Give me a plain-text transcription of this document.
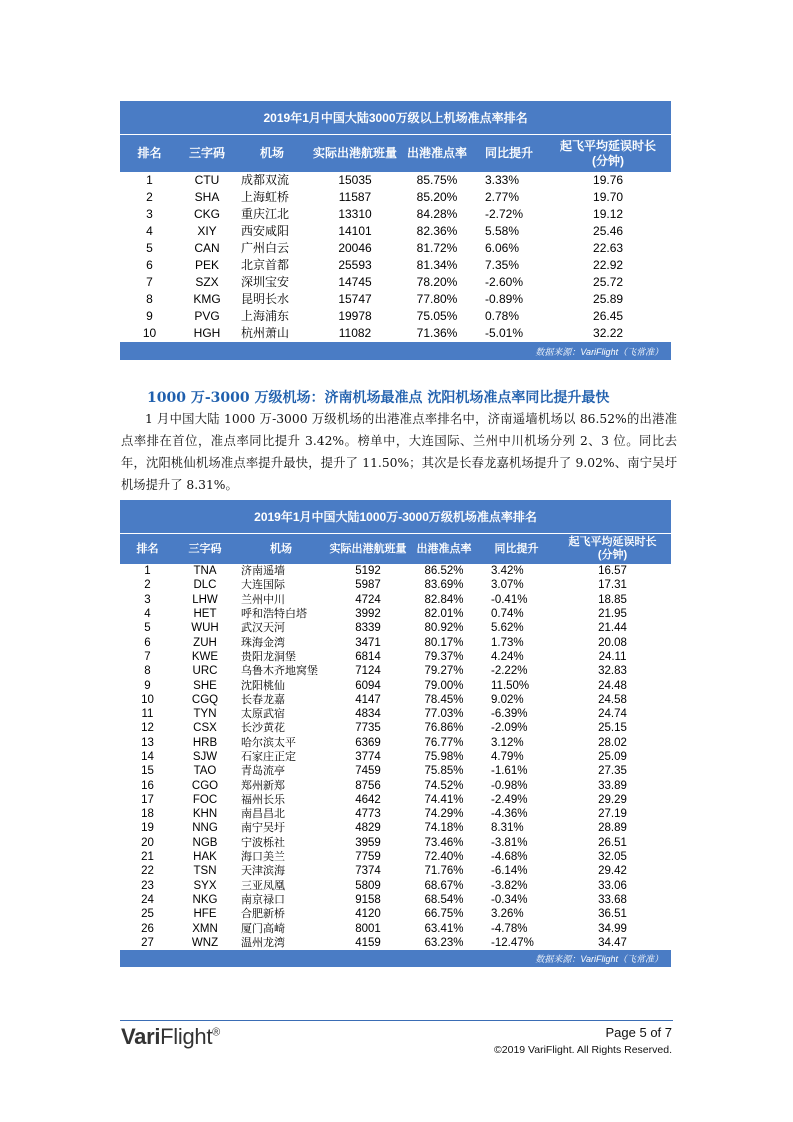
2019年1月中国大陆3000万级以上机场准点率排名						
排名	三字码	机场	实际出港航班量	出港准点率	同比提升	起飞平均延误时长
(分钟)
1	CTU	成都双流	15035	85.75%	3.33%	19.76
2	SHA	上海虹桥	11587	85.20%	2.77%	19.70
3	CKG	重庆江北	13310	84.28%	-2.72%	19.12
4	XIY	西安咸阳	14101	82.36%	5.58%	25.46
5	CAN	广州白云	20046	81.72%	6.06%	22.63
6	PEK	北京首都	25593	81.34%	7.35%	22.92
7	SZX	深圳宝安	14745	78.20%	-2.60%	25.72
8	KMG	昆明长水	15747	77.80%	-0.89%	25.89
9	PVG	上海浦东	19978	75.05%	0.78%	26.45
10	HGH	杭州萧山	11082	71.36%	-5.01%	32.22
数据来源：VariFlight（飞常准）						
1000 万-3000 万级机场：济南机场最准点 沈阳机场准点率同比提升最快
1 月中国大陆 1000 万-3000 万级机场的出港准点率排名中，济南遥墙机场以 86.52%的出港准点率排在首位，准点率同比提升 3.42%。榜单中，大连国际、兰州中川机场分列 2、3 位。同比去年，沈阳桃仙机场准点率提升最快，提升了 11.50%；其次是长春龙嘉机场提升了 9.02%、南宁吴圩机场提升了 8.31%。
2019年1月中国大陆1000万-3000万级机场准点率排名						
排名	三字码	机场	实际出港航班量	出港准点率	同比提升	起飞平均延误时长
(分钟)
1	TNA	济南遥墙	5192	86.52%	3.42%	16.57
2	DLC	大连国际	5987	83.69%	3.07%	17.31
3	LHW	兰州中川	4724	82.84%	-0.41%	18.85
4	HET	呼和浩特白塔	3992	82.01%	0.74%	21.95
5	WUH	武汉天河	8339	80.92%	5.62%	21.44
6	ZUH	珠海金湾	3471	80.17%	1.73%	20.08
7	KWE	贵阳龙洞堡	6814	79.37%	4.24%	24.11
8	URC	乌鲁木齐地窝堡	7124	79.27%	-2.22%	32.83
9	SHE	沈阳桃仙	6094	79.00%	11.50%	24.48
10	CGQ	长春龙嘉	4147	78.45%	9.02%	24.58
11	TYN	太原武宿	4834	77.03%	-6.39%	24.74
12	CSX	长沙黄花	7735	76.86%	-2.09%	25.15
13	HRB	哈尔滨太平	6369	76.77%	3.12%	28.02
14	SJW	石家庄正定	3774	75.98%	4.79%	25.09
15	TAO	青岛流亭	7459	75.85%	-1.61%	27.35
16	CGO	郑州新郑	8756	74.52%	-0.98%	33.89
17	FOC	福州长乐	4642	74.41%	-2.49%	29.29
18	KHN	南昌昌北	4773	74.29%	-4.36%	27.19
19	NNG	南宁吴圩	4829	74.18%	8.31%	28.89
20	NGB	宁波栎社	3959	73.46%	-3.81%	26.51
21	HAK	海口美兰	7759	72.40%	-4.68%	32.05
22	TSN	天津滨海	7374	71.76%	-6.14%	29.42
23	SYX	三亚凤凰	5809	68.67%	-3.82%	33.06
24	NKG	南京禄口	9158	68.54%	-0.34%	33.68
25	HFE	合肥新桥	4120	66.75%	3.26%	36.51
26	XMN	厦门高崎	8001	63.41%	-4.78%	34.99
27	WNZ	温州龙湾	4159	63.23%	-12.47%	34.47
数据来源：VariFlight（飞常准）						
VariFlight®	Page 5 of 7
©2019 VariFlight. All Rights Reserved.
